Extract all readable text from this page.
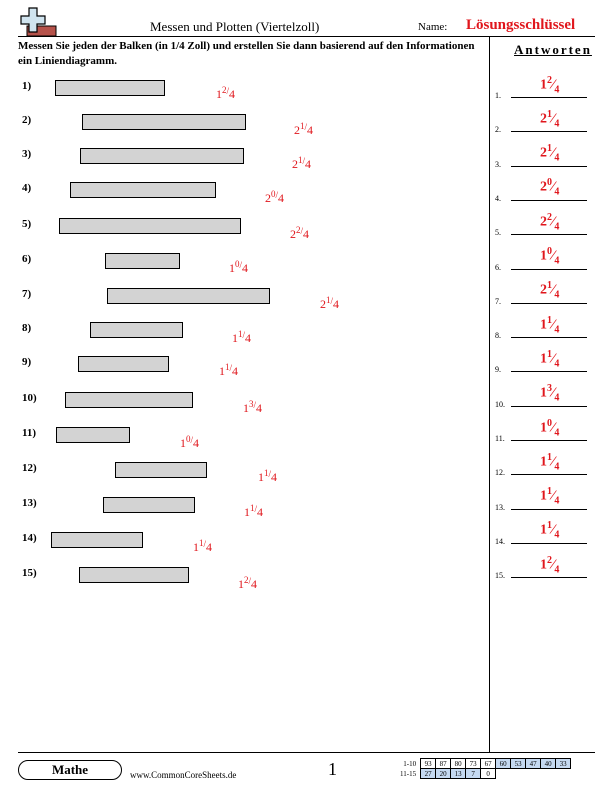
Messen und Plotten (Viertelzoll)	Name: Lösungsschlüssel
Messen Sie jeden der Balken (in 1/4 Zoll) und erstellen Sie dann basierend auf den Informationen ein Liniendiagramm.
Antworten
1)
$1^{2/}4$
2)
$2^{1/}4$
3)
$2^{1/}4$
4)
$2^{0/}4$
5)
$2^{2/}4$
6)
$1^{0/}4$
7)
$2^{1/}4$
8)
$1^{1/}4$
9)
$1^{1/}4$
10)
$1^{3/}4$
11)
$1^{0/}4$
12)
$1^{1/}4$
13)
$1^{1/}4$
14)
$1^{1/}4$
15)
$1^{2/}4$
1.
$1^2⁄_4$
2.
$2^1⁄_4$
3.
$2^1⁄_4$
4.
$2^0⁄_4$
5.
$2^2⁄_4$
6.
$1^0⁄_4$
7.
$2^1⁄_4$
8.
$1^1⁄_4$
9.
$1^1⁄_4$
10.
$1^3⁄_4$
11.
$1^0⁄_4$
12.
$1^1⁄_4$
13.
$1^1⁄_4$
14.
$1^1⁄_4$
15.
$1^2⁄_4$
Mathe	www.CommonCoreSheets.de	1	1-10	93	87	80	73	67	60	53	47	40	33
11-15	27	20	13	7	0					
